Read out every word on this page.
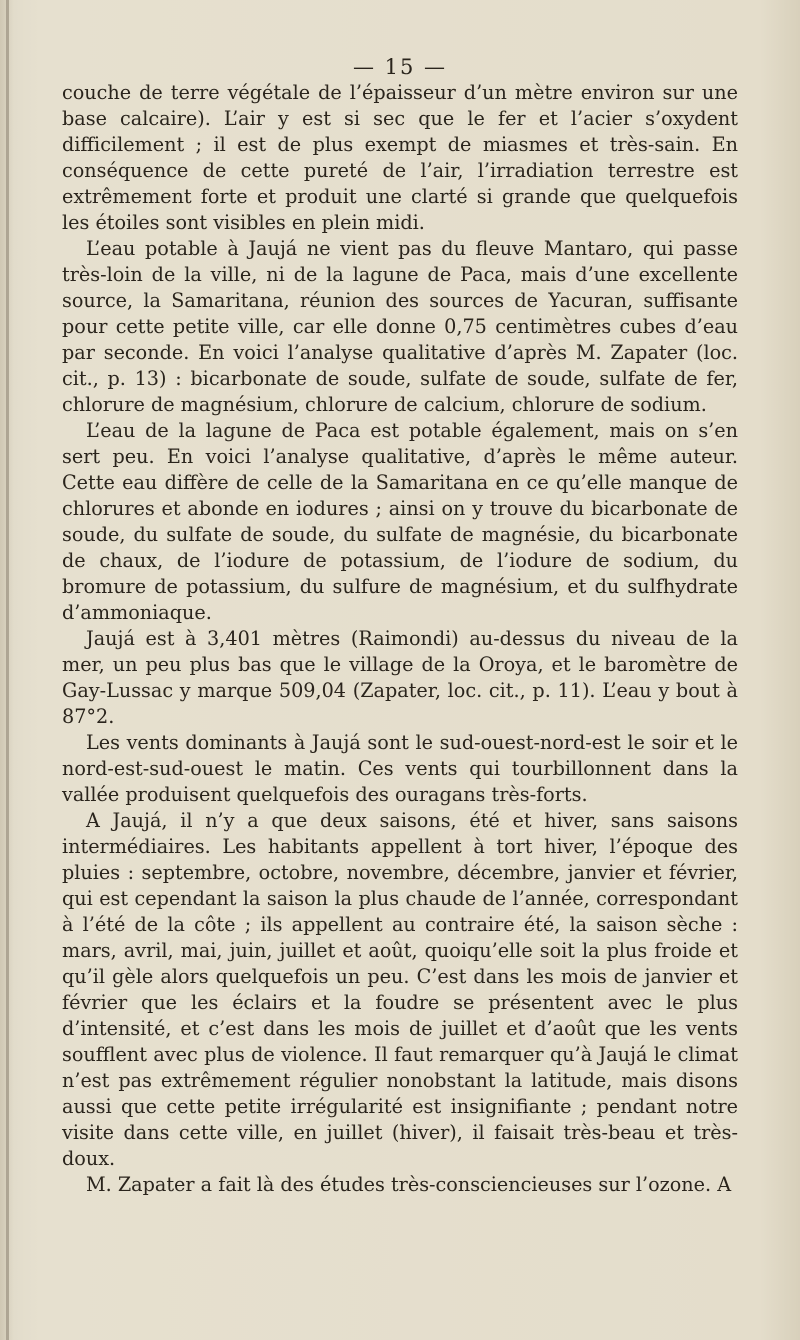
— 15 —

couche de terre végétale de l’épaisseur d’un mètre environ sur une base calcaire). L’air y est si sec que le fer et l’acier s’oxydent difficilement ; il est de plus exempt de miasmes et très-sain. En conséquence de cette pureté de l’air, l’irradiation terrestre est extrêmement forte et produit une clarté si grande que quelquefois les étoiles sont visibles en plein midi.

L’eau potable à Jaujá ne vient pas du fleuve Mantaro, qui passe très-loin de la ville, ni de la lagune de Paca, mais d’une excellente source, la Samaritana, réunion des sources de Yacuran, suffisante pour cette petite ville, car elle donne 0,75 centimètres cubes d’eau par seconde. En voici l’analyse qualitative d’après M. Zapater (loc. cit., p. 13) : bicarbonate de soude, sulfate de soude, sulfate de fer, chlorure de magnésium, chlorure de calcium, chlorure de sodium.

L’eau de la lagune de Paca est potable également, mais on s’en sert peu. En voici l’analyse qualitative, d’après le même auteur. Cette eau diffère de celle de la Samaritana en ce qu’elle manque de chlorures et abonde en iodures ; ainsi on y trouve du bicarbonate de soude, du sulfate de soude, du sulfate de magnésie, du bicarbonate de chaux, de l’iodure de potassium, de l’iodure de sodium, du bromure de potassium, du sulfure de magnésium, et du sulfhydrate d’ammoniaque.

Jaujá est à 3,401 mètres (Raimondi) au-dessus du niveau de la mer, un peu plus bas que le village de la Oroya, et le baromètre de Gay-Lussac y marque 509,04 (Zapater, loc. cit., p. 11). L’eau y bout à 87°2.

Les vents dominants à Jaujá sont le sud-ouest-nord-est le soir et le nord-est-sud-ouest le matin. Ces vents qui tourbillonnent dans la vallée produisent quelquefois des ouragans très-forts.

A Jaujá, il n’y a que deux saisons, été et hiver, sans saisons intermédiaires. Les habitants appellent à tort hiver, l’époque des pluies : septembre, octobre, novembre, décembre, janvier et février, qui est cependant la saison la plus chaude de l’année, correspondant à l’été de la côte ; ils appellent au contraire été, la saison sèche : mars, avril, mai, juin, juillet et août, quoiqu’elle soit la plus froide et qu’il gèle alors quelquefois un peu. C’est dans les mois de janvier et février que les éclairs et la foudre se présentent avec le plus d’intensité, et c’est dans les mois de juillet et d’août que les vents soufflent avec plus de violence. Il faut remarquer qu’à Jaujá le climat n’est pas extrêmement régulier nonobstant la latitude, mais disons aussi que cette petite irrégularité est insignifiante ; pendant notre visite dans cette ville, en juillet (hiver), il faisait très-beau et très-doux.

M. Zapater a fait là des études très-consciencieuses sur l’ozone. A
